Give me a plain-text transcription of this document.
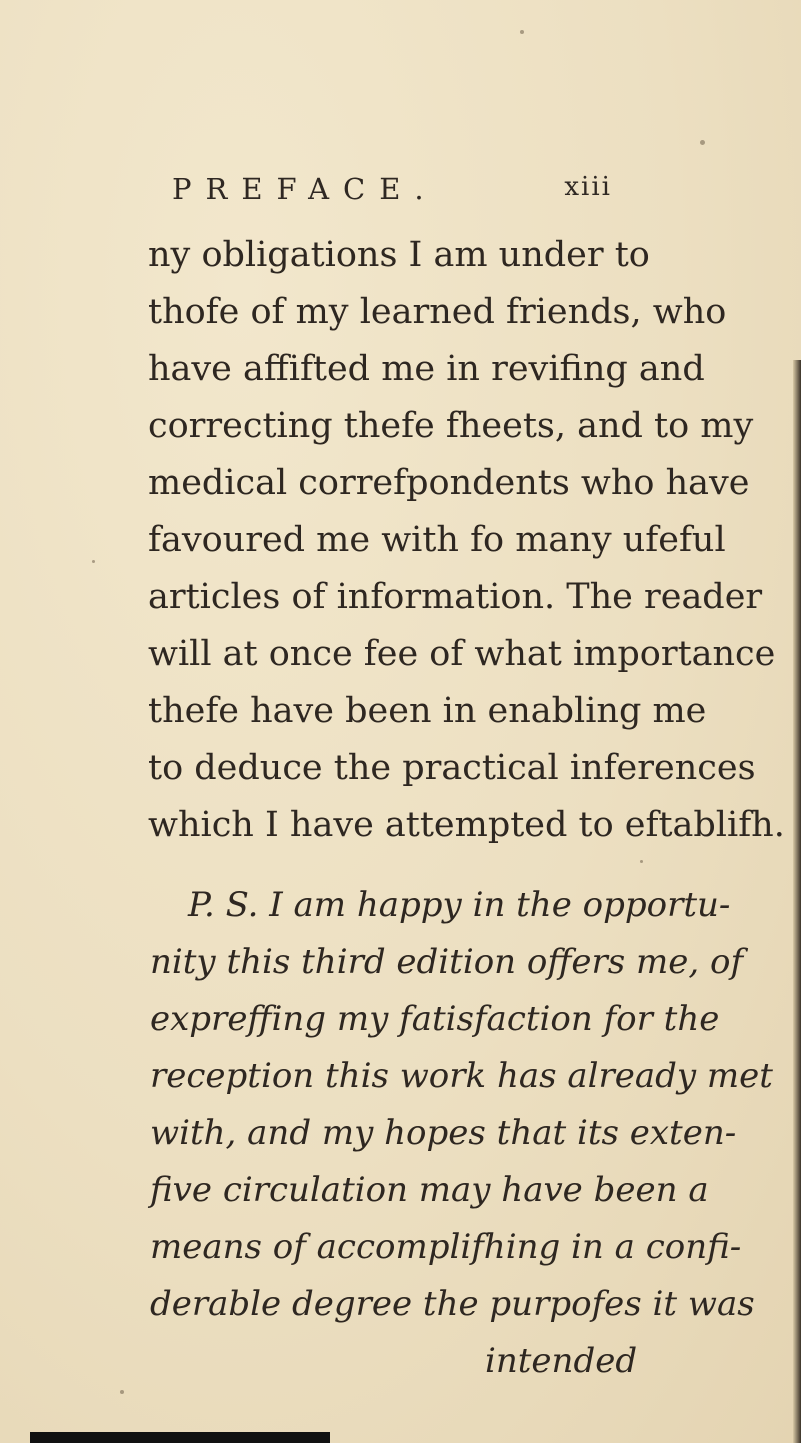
PREFACE.	xiii
ny obligations I am under to
thofe of my learned friends, who
have affifted me in revifing and
correcting thefe fheets, and to my
medical correfpondents who have
favoured me with fo many ufeful
articles of information. The reader
will at once fee of what importance
thefe have been in enabling me
to deduce the practical inferences
which I have attempted to eftablifh.
P. S. I am happy in the opportu-
nity this third edition offers me, of
expreffing my fatisfaction for the
reception this work has already met
with, and my hopes that its exten-
five circulation may have been a
means of accomplifhing in a confi-
derable degree the purpofes it was
intended
